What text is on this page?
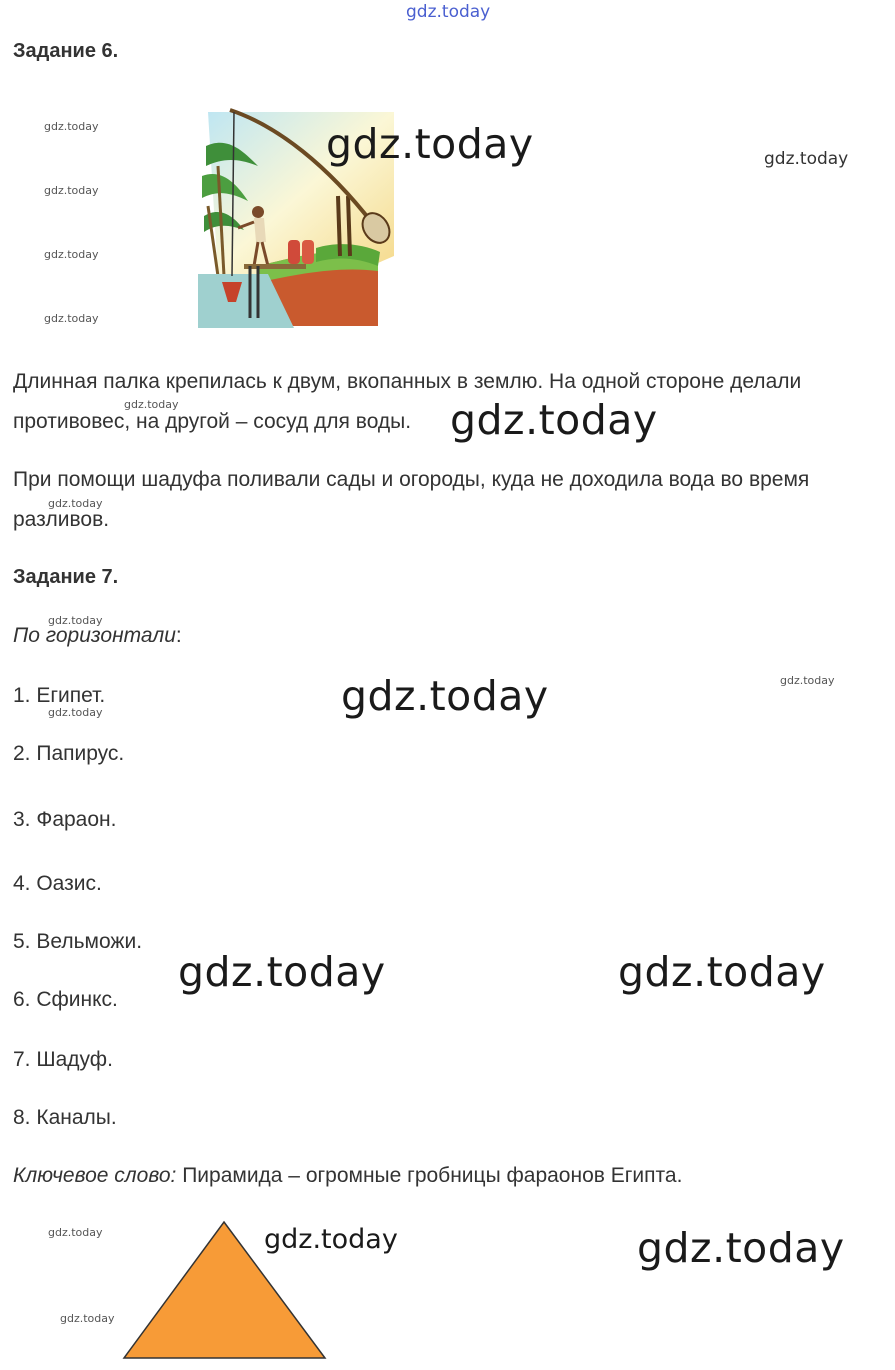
gdz.today
Задание 6.
gdz.today
gdz.today
gdz.today
gdz.today
gdz.today	gdz.today
Длинная палка крепилась к двум, вкопанных в землю. На одной стороне делали
gdz.today
противовес, на другой – сосуд для воды. gdz.today
При помощи шадуфа поливали сады и огороды, куда не доходила вода во время
gdz.today
разливов.
Задание 7.
gdz.today
По горизонтали:
1. Египет.
gdz.today	gdz.today	gdz.today
2. Папирус.
3. Фараон.
4. Оазис.
5. Вельможи.
gdz.today	gdz.today
6. Сфинкс.
7. Шадуф.
8. Каналы.
Ключевое слово: Пирамида – огромные гробницы фараонов Египта.
gdz.today
gdz.today
gdz.today	gdz.today
